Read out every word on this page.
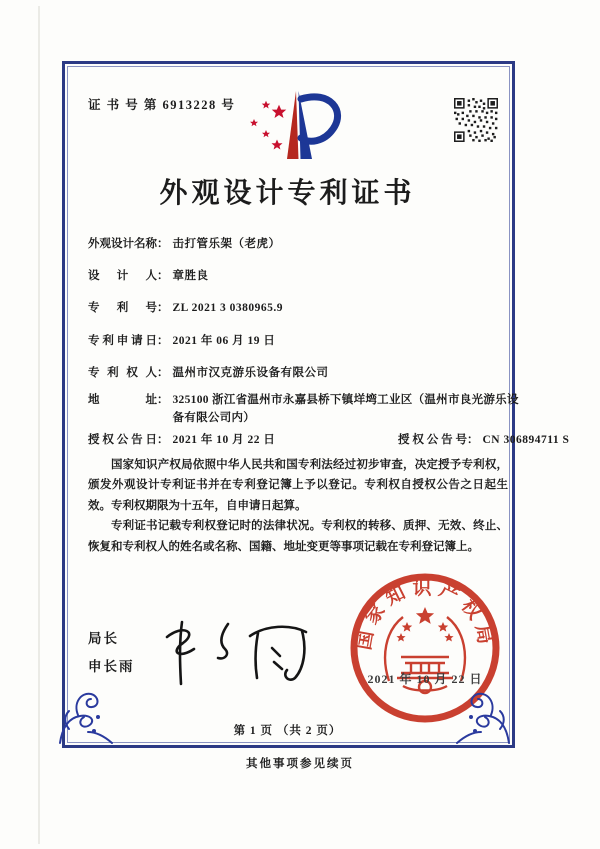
证 书 号 第 6913228 号
外观设计专利证书
外观设计名称： 击打管乐架（老虎）
设计人： 章胜良
专利号： ZL 2021 3 0380965.9
专利申请日： 2021 年 06 月 19 日
专利权人： 温州市汉克游乐设备有限公司
地址： 325100 浙江省温州市永嘉县桥下镇垟塆工业区（温州市良光游乐设备有限公司内）
授权公告日： 2021 年 10 月 22 日	授权公告号： CN 306894711 S

国家知识产权局依照中华人民共和国专利法经过初步审查，决定授予专利权，颁发外观设计专利证书并在专利登记簿上予以登记。专利权自授权公告之日起生效。专利权期限为十五年，自申请日起算。

专利证书记载专利权登记时的法律状况。专利权的转移、质押、无效、终止、恢复和专利权人的姓名或名称、国籍、地址变更等事项记载在专利登记簿上。

局长
申长雨
国家知识产权局
2021 年 10 月 22 日
第 1 页 （共 2 页）
其他事项参见续页
